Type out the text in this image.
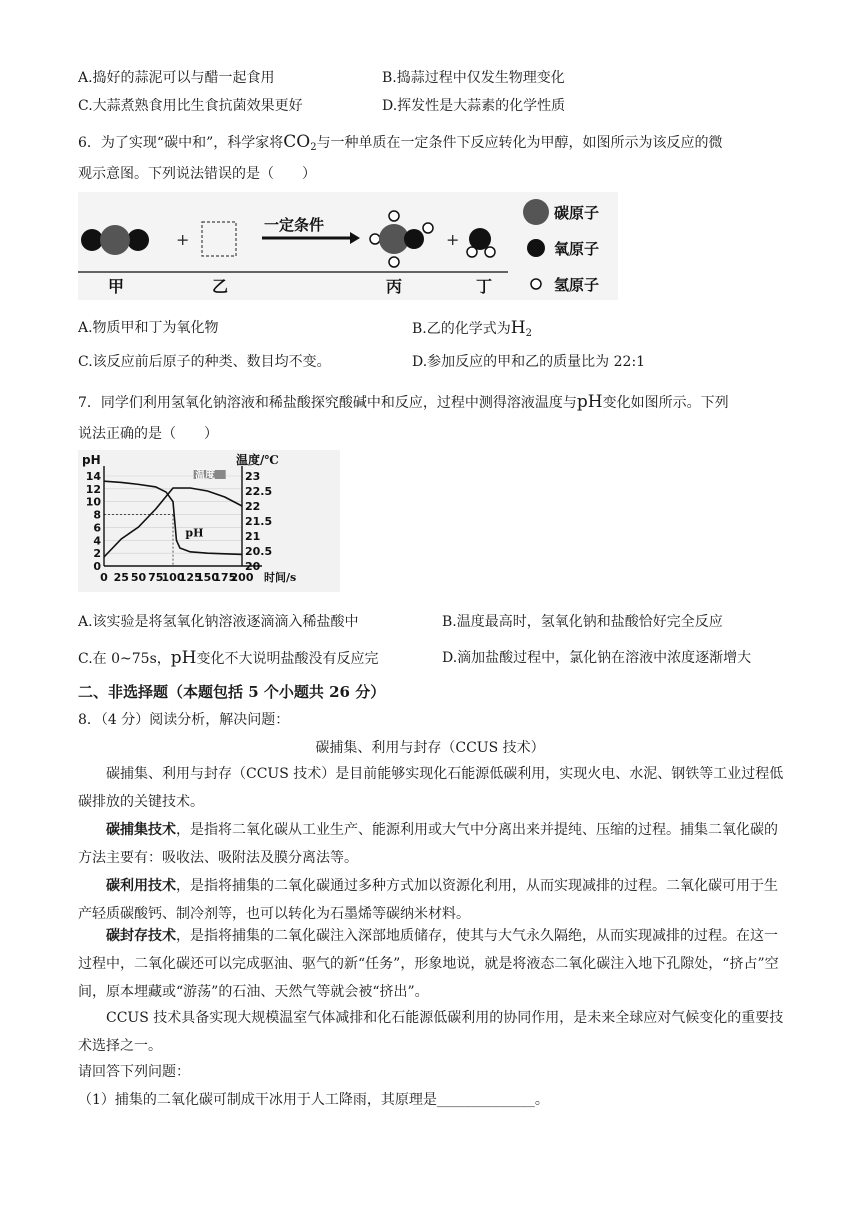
A.捣好的蒜泥可以与醋一起食用	B.捣蒜过程中仅发生物理变化
C.大蒜煮熟食用比生食抗菌效果更好	D.挥发性是大蒜素的化学性质
6．为了实现“碳中和”，科学家将$CO_2$与一种单质在一定条件下反应转化为甲醇，如图所示为该反应的微
观示意图。下列说法错误的是（　　）
+
一定条件
+
甲	乙	丙	丁
碳原子
氧原子
氢原子
A.物质甲和丁为氧化物	B.乙的化学式为$H_2$
C.该反应前后原子的种类、数目均不变。	D.参加反应的甲和乙的质量比为 22:1
7．同学们利用氢氧化钠溶液和稀盐酸探究酸碱中和反应，过程中测得溶液温度与pH变化如图所示。下列
说法正确的是（　　）
14
12
10
8
6
4
2
0
23
22.5
22
21.5
21
20.5
20
0 25 50 75
100
125
150
175
200
pH	温度/℃
时间/s
pH
温度
A.该实验是将氢氧化钠溶液逐滴滴入稀盐酸中	B.温度最高时，氢氧化钠和盐酸恰好完全反应
C.在 0~75s，pH变化不大说明盐酸没有反应完	D.滴加盐酸过程中，氯化钠在溶液中浓度逐渐增大
二、非选择题（本题包括 5 个小题共 26 分）
8．（4 分）阅读分析，解决问题：
碳捕集、利用与封存（CCUS 技术）
碳捕集、利用与封存（CCUS 技术）是目前能够实现化石能源低碳利用，实现火电、水泥、钢铁等工业过程低碳排放的关键技术。
碳捕集技术，是指将二氧化碳从工业生产、能源利用或大气中分离出来并提纯、压缩的过程。捕集二氧化碳的方法主要有：吸收法、吸附法及膜分离法等。
碳利用技术，是指将捕集的二氧化碳通过多种方式加以资源化利用，从而实现减排的过程。二氧化碳可用于生产轻质碳酸钙、制冷剂等，也可以转化为石墨烯等碳纳米材料。
碳封存技术，是指将捕集的二氧化碳注入深部地质储存，使其与大气永久隔绝，从而实现减排的过程。在这一过程中，二氧化碳还可以完成驱油、驱气的新“任务”，形象地说，就是将液态二氧化碳注入地下孔隙处，“挤占”空间，原本埋藏或“游荡”的石油、天然气等就会被“挤出”。
CCUS 技术具备实现大规模温室气体减排和化石能源低碳利用的协同作用，是未来全球应对气候变化的重要技术选择之一。
请回答下列问题：
（1）捕集的二氧化碳可制成干冰用于人工降雨，其原理是______________。
